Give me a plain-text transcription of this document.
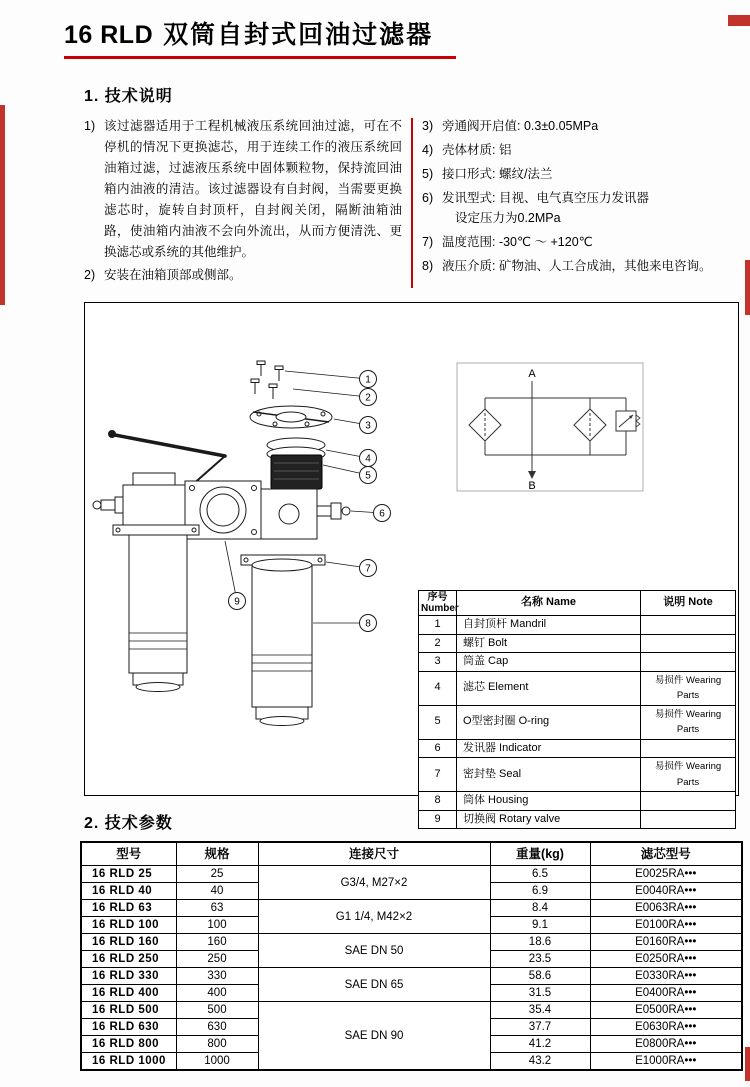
16 RLD 双筒自封式回油过滤器
1. 技术说明
1) 该过滤器适用于工程机械液压系统回油过滤，可在不停机的情况下更换滤芯，用于连续工作的液压系统回油箱过滤，过滤液压系统中固体颗粒物，保持流回油箱内油液的清洁。该过滤器设有自封阀，当需要更换滤芯时，旋转自封顶杆，自封阀关闭，隔断油箱油路，使油箱内油液不会向外流出，从而方便清洗、更换滤芯或系统的其他维护。
2) 安装在油箱顶部或侧部。
3) 旁通阀开启值: 0.3±0.05MPa
4) 壳体材质: 铝
5) 接口形式: 螺纹/法兰
6) 发讯型式: 目视、电气真空压力发讯器
设定压力为0.2MPa
7) 温度范围: -30℃ ～ +120℃
8) 液压介质: 矿物油、人工合成油，其他来电咨询。
1
2
3
4
5
6
7
8
9
A
B
序号
Number	名称 Name	说明 Note
1	自封顶杆 Mandril	
2	螺钉 Bolt	
3	筒盖 Cap	
4	滤芯 Element	易损件 Wearing Parts
5	O型密封圈 O-ring	易损件 Wearing Parts
6	发讯器 Indicator	
7	密封垫 Seal	易损件 Wearing Parts
8	筒体 Housing	
9	切换阀 Rotary valve	
2. 技术参数
型号	规格	连接尺寸	重量(kg)	滤芯型号
16 RLD 25	25	G3/4, M27×2	6.5	E0025RA•••
16 RLD 40	40		6.9	E0040RA•••
16 RLD 63	63	G1 1/4, M42×2	8.4	E0063RA•••
16 RLD 100	100		9.1	E0100RA•••
16 RLD 160	160	SAE DN 50	18.6	E0160RA•••
16 RLD 250	250		23.5	E0250RA•••
16 RLD 330	330	SAE DN 65	58.6	E0330RA•••
16 RLD 400	400		31.5	E0400RA•••
16 RLD 500	500	SAE DN 90	35.4	E0500RA•••
16 RLD 630	630		37.7	E0630RA•••
16 RLD 800	800		41.2	E0800RA•••
16 RLD 1000	1000		43.2	E1000RA•••
